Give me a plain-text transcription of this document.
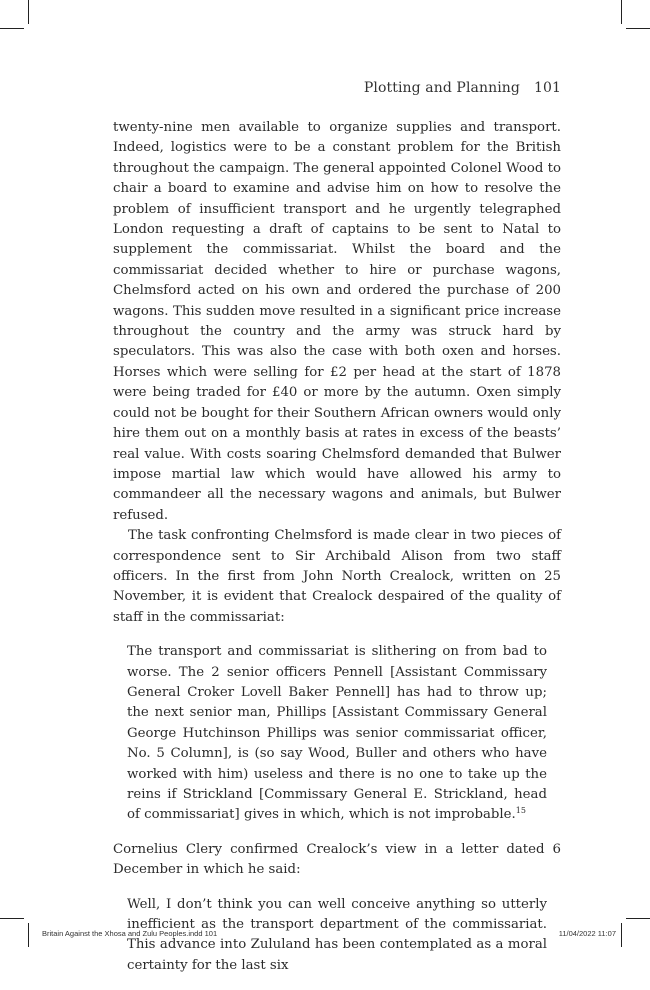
Plotting and Planning 101

twenty-nine men available to organize supplies and transport. Indeed, logistics were to be a constant problem for the British throughout the campaign. The general appointed Colonel Wood to chair a board to examine and advise him on how to resolve the problem of insufficient transport and he urgently telegraphed London requesting a draft of captains to be sent to Natal to supplement the commissariat. Whilst the board and the commissariat decided whether to hire or purchase wagons, Chelmsford acted on his own and ordered the purchase of 200 wagons. This sudden move resulted in a significant price increase throughout the country and the army was struck hard by speculators. This was also the case with both oxen and horses. Horses which were selling for £2 per head at the start of 1878 were being traded for £40 or more by the autumn. Oxen simply could not be bought for their Southern African owners would only hire them out on a monthly basis at rates in excess of the beasts’ real value. With costs soaring Chelmsford demanded that Bulwer impose martial law which would have allowed his army to commandeer all the necessary wagons and animals, but Bulwer refused.

The task confronting Chelmsford is made clear in two pieces of correspondence sent to Sir Archibald Alison from two staff officers. In the first from John North Crealock, written on 25 November, it is evident that Crealock despaired of the quality of staff in the commissariat:

The transport and commissariat is slithering on from bad to worse. The 2 senior officers Pennell [Assistant Commissary General Croker Lovell Baker Pennell] has had to throw up; the next senior man, Phillips [Assistant Commissary General George Hutchinson Phillips was senior commissariat officer, No. 5 Column], is (so say Wood, Buller and others who have worked with him) useless and there is no one to take up the reins if Strickland [Commissary General E. Strickland, head of commissariat] gives in which, which is not improbable.$^{15}$

Cornelius Clery confirmed Crealock’s view in a letter dated 6 December in which he said:

Well, I don’t think you can well conceive anything so utterly inefficient as the transport department of the commissariat. This advance into Zululand has been contemplated as a moral certainty for the last six
Britain Against the Xhosa and Zulu Peoples.indd 101	11/04/2022 11:07
